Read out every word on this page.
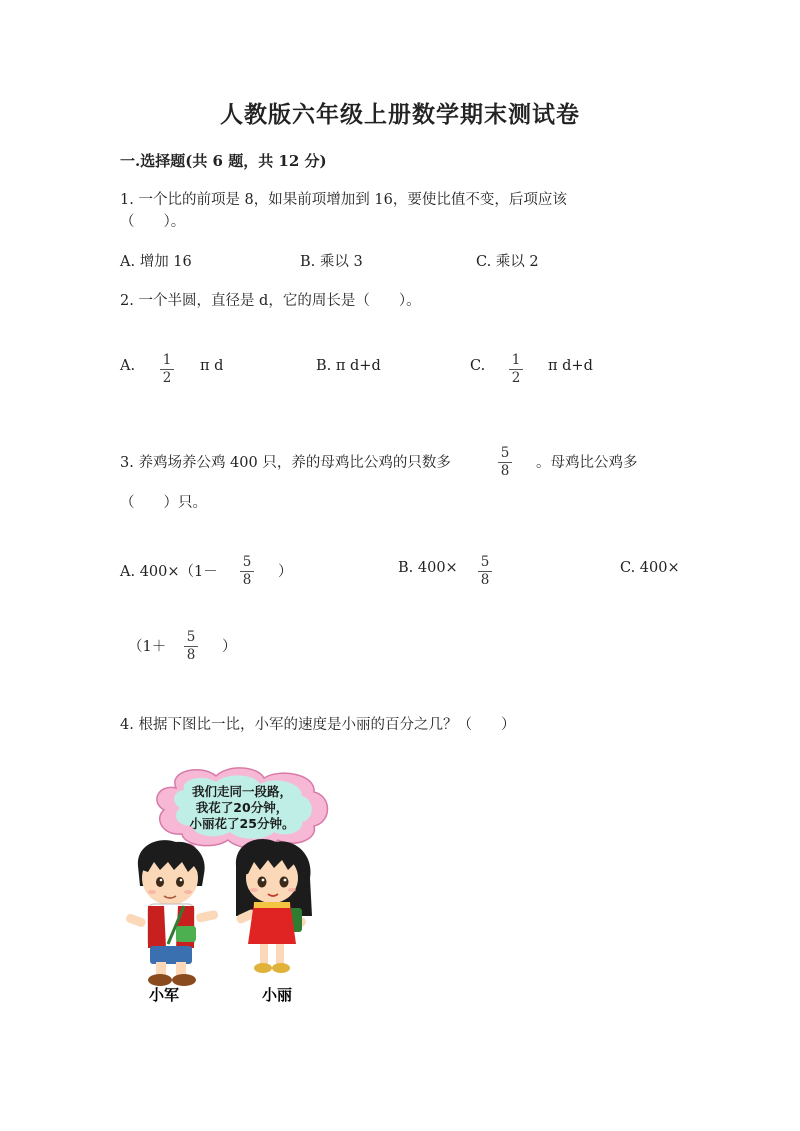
人教版六年级上册数学期末测试卷
一.选择题(共 6 题，共 12 分)
1. 一个比的前项是 8，如果前项增加到 16，要使比值不变，后项应该
（　　）。
A. 增加 16	B. 乘以 3	C. 乘以 2
2. 一个半圆，直径是 d，它的周长是（　　）。
A. 1
2
π d	B. π d+d	C. 1
2
π d+d
3. 养鸡场养公鸡 400 只，养的母鸡比公鸡的只数多
5
8 。母鸡比公鸡多
（　　）只。
A. 400×（1－
5
8 ）	B. 400× 5
8
C. 400×
（1＋
5
8 ）
4. 根据下图比一比，小军的速度是小丽的百分之几？（　　）
我们走同一段路，
我花了20分钟，
小丽花了25分钟。
小军	小丽
